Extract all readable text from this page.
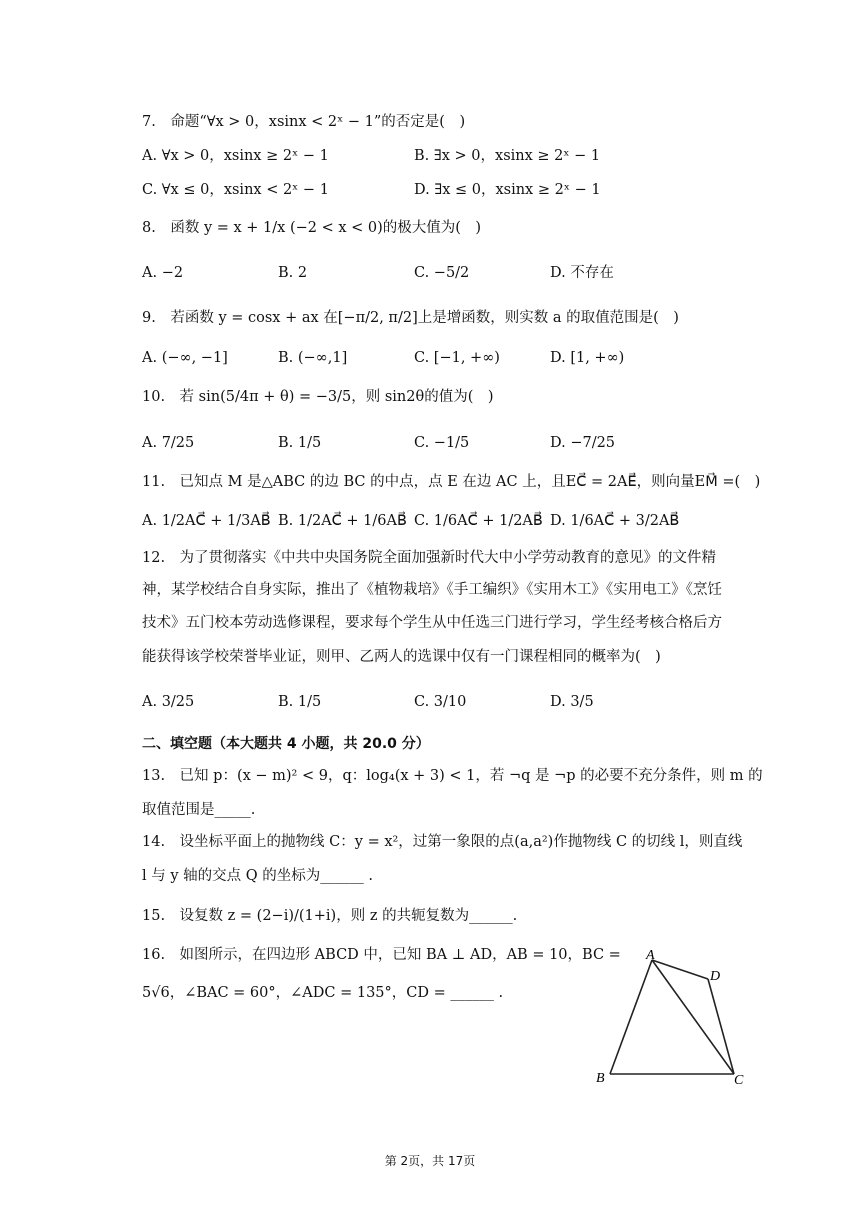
7.　命题“∀x > 0，xsinx < 2ˣ − 1”的否定是(　)
A. ∀x > 0，xsinx ≥ 2ˣ − 1	B. ∃x > 0，xsinx ≥ 2ˣ − 1
C. ∀x ≤ 0，xsinx < 2ˣ − 1	D. ∃x ≤ 0，xsinx ≥ 2ˣ − 1
8.　函数 y = x + 1/x (−2 < x < 0)的极大值为(　)
A. −2	B. 2	C. −5/2	D. 不存在
9.　若函数 y = cosx + ax 在[−π/2, π/2]上是增函数，则实数 a 的取值范围是(　)
A. (−∞, −1]	B. (−∞,1]	C. [−1, +∞)	D. [1, +∞)
10.　若 sin(5/4π + θ) = −3/5，则 sin2θ的值为(　)
A. 7/25	B. 1/5	C. −1/5	D. −7/25
11.　已知点 M 是△ABC 的边 BC 的中点，点 E 在边 AC 上，且EC⃗ = 2AE⃗，则向量EM⃗ =(　)
A. 1/2AC⃗ + 1/3AB⃗ B. 1/2AC⃗ + 1/6AB⃗ C. 1/6AC⃗ + 1/2AB⃗ D. 1/6AC⃗ + 3/2AB⃗
12.　为了贯彻落实《中共中央国务院全面加强新时代大中小学劳动教育的意见》的文件精
神，某学校结合自身实际，推出了《植物栽培》《手工编织》《实用木工》《实用电工》《烹饪
技术》五门校本劳动选修课程，要求每个学生从中任选三门进行学习，学生经考核合格后方
能获得该学校荣誉毕业证，则甲、乙两人的选课中仅有一门课程相同的概率为(　)
A. 3/25	B. 1/5	C. 3/10	D. 3/5
二、填空题（本大题共 4 小题，共 20.0 分）
13.　已知 p：(x − m)² < 9，q：log₄(x + 3) < 1，若 ¬q 是 ¬p 的必要不充分条件，则 m 的
取值范围是_____.
14.　设坐标平面上的抛物线 C：y = x²，过第一象限的点(a,a²)作抛物线 C 的切线 l，则直线
l 与 y 轴的交点 Q 的坐标为______ .
15.　设复数 z = (2−i)/(1+i)，则 z 的共轭复数为______.
16.　如图所示，在四边形 ABCD 中，已知 BA ⊥ AD，AB = 10，BC =
5√6，∠BAC = 60°，∠ADC = 135°，CD = ______ .
A
D
B	C
第 2页，共 17页
